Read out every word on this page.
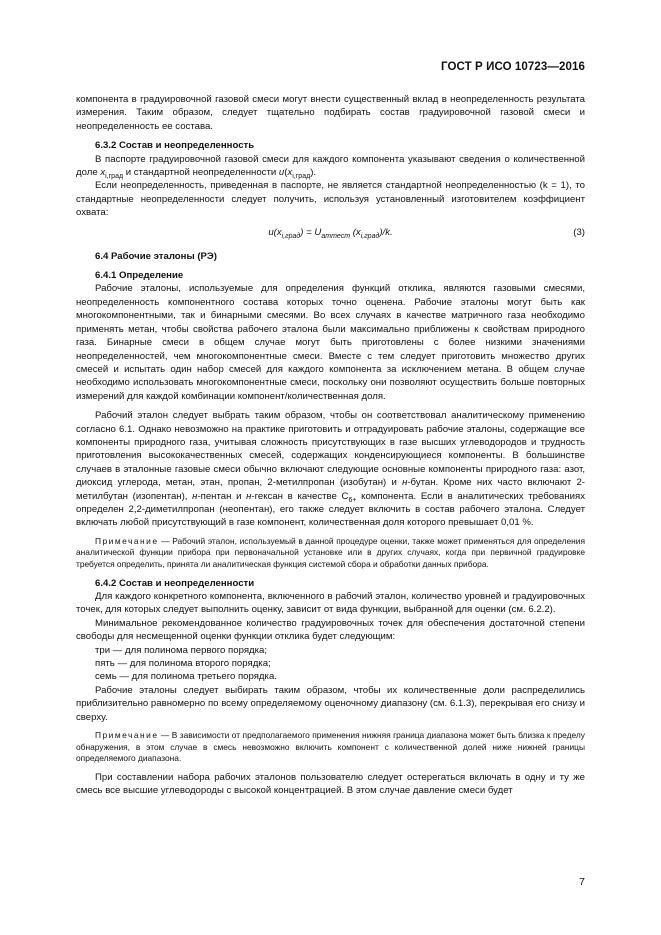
ГОСТ Р ИСО 10723—2016

компонента в градуировочной газовой смеси могут внести существенный вклад в неопределенность результата измерения. Таким образом, следует тщательно подбирать состав градуировочной газовой смеси и неопределенность ее состава.

6.3.2 Состав и неопределенность

В паспорте градуировочной газовой смеси для каждого компонента указывают сведения о количественной доле $x_{i,град}$ и стандартной неопределенности $u(x_{i,град})$.

Если неопределенность, приведенная в паспорте, не является стандартной неопределенностью (k = 1), то стандартные неопределенности следует получить, используя установленный изготовителем коэффициент охвата:

$u(x_{i,град}) = U_{аттест}$ $(x_{i,град})/k$.	(3)

6.4 Рабочие эталоны (РЭ)

6.4.1 Определение

Рабочие эталоны, используемые для определения функций отклика, являются газовыми смесями, неопределенность компонентного состава которых точно оценена. Рабочие эталоны могут быть как многокомпонентными, так и бинарными смесями. Во всех случаях в качестве матричного газа необходимо применять метан, чтобы свойства рабочего эталона были максимально приближены к свойствам природного газа. Бинарные смеси в общем случае могут быть приготовлены с более низкими значениями неопределенностей, чем многокомпонентные смеси. Вместе с тем следует приготовить множество других смесей и испытать один набор смесей для каждого компонента за исключением метана. В общем случае необходимо использовать многокомпонентные смеси, поскольку они позволяют осуществить больше повторных измерений для каждой комбинации компонент/количественная доля.

Рабочий эталон следует выбрать таким образом, чтобы он соответствовал аналитическому применению согласно 6.1. Однако невозможно на практике приготовить и отградуировать рабочие эталоны, содержащие все компоненты природного газа, учитывая сложность присутствующих в газе высших углеводородов и трудность приготовления высококачественных смесей, содержащих конденсирующиеся компоненты. В большинстве случаев в эталонные газовые смеси обычно включают следующие основные компоненты природного газа: азот, диоксид углерода, метан, этан, пропан, 2-метилпропан (изобутан) и н-бутан. Кроме них часто включают 2-метилбутан (изопентан), н-пентан и н-гексан в качестве $C_{6+}$ компонента. Если в аналитических требованиях определен 2,2-диметилпропан (неопентан), его также следует включить в состав рабочего эталона. Следует включать любой присутствующий в газе компонент, количественная доля которого превышает 0,01 %.

Примечание — Рабочий эталон, используемый в данной процедуре оценки, также может применяться для определения аналитической функции прибора при первоначальной установке или в других случаях, когда при первичной градуировке требуется определить, принята ли аналитическая функция системой сбора и обработки данных прибора.

6.4.2 Состав и неопределенности

Для каждого конкретного компонента, включенного в рабочий эталон, количество уровней и градуировочных точек, для которых следует выполнить оценку, зависит от вида функции, выбранной для оценки (см. 6.2.2).

Минимальное рекомендованное количество градуировочных точек для обеспечения достаточной степени свободы для несмещенной оценки функции отклика будет следующим:

три — для полинома первого порядка;

пять — для полинома второго порядка;

семь — для полинома третьего порядка.

Рабочие эталоны следует выбирать таким образом, чтобы их количественные доли распределились приблизительно равномерно по всему определяемому оценочному диапазону (см. 6.1.3), перекрывая его снизу и сверху.

Примечание — В зависимости от предполагаемого применения нижняя граница диапазона может быть близка к пределу обнаружения, в этом случае в смесь невозможно включить компонент с количественной долей ниже нижней границы определяемого диапазона.

При составлении набора рабочих эталонов пользователю следует остерегаться включать в одну и ту же смесь все высшие углеводороды с высокой концентрацией. В этом случае давление смеси будет

7
